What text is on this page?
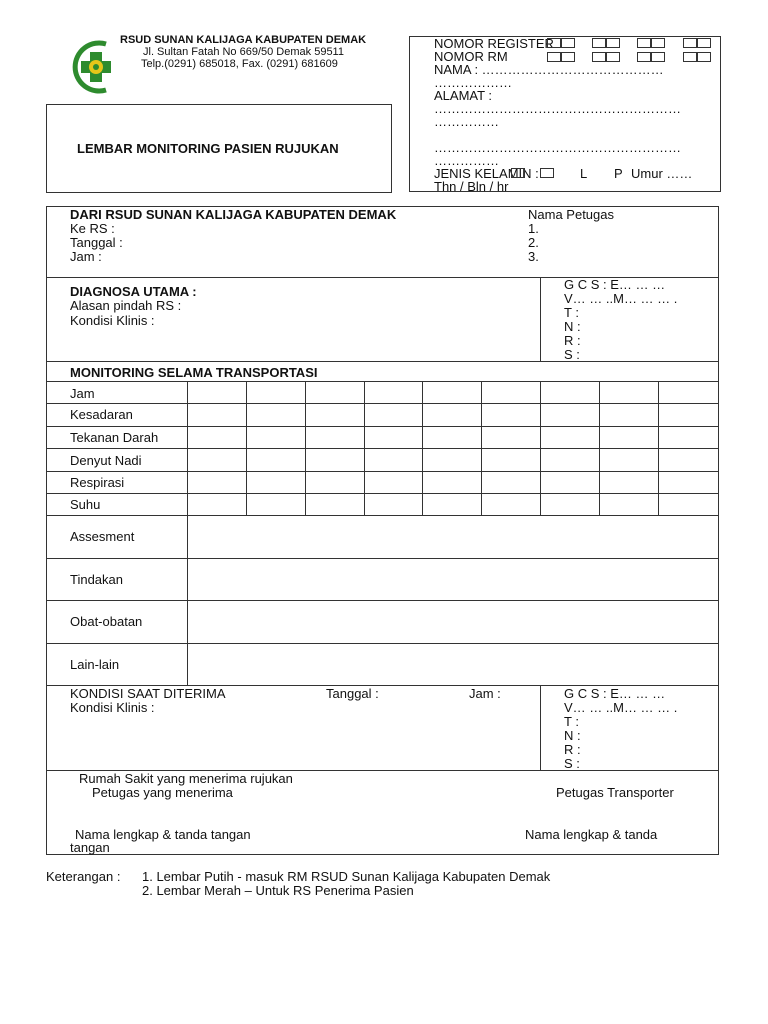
RSUD SUNAN KALIJAGA KABUPATEN DEMAK
Jl. Sultan Fatah No 669/50 Demak 59511
Telp.(0291) 685018, Fax. (0291) 681609
LEMBAR MONITORING PASIEN RUJUKAN
NOMOR REGISTER
NOMOR RM
NAMA : ……………………………………
………………
ALAMAT :
…………………………………………………
……………
…………………………………………………
……………
JENIS KELAMIN :	L P Umur ……
Thn / Bln / hr
DARI RSUD SUNAN KALIJAGA KABUPATEN DEMAK
Ke RS :
Tanggal :
Jam :
Nama Petugas
1.
2.
3.
DIAGNOSA UTAMA :
Alasan pindah RS :
Kondisi Klinis :
G C S : E… … …
V… … ..M… … … .
T :
N :
R :
S :
MONITORING SELAMA TRANSPORTASI
Jam
Kesadaran
Tekanan Darah
Denyut Nadi
Respirasi
Suhu
Assesment
Tindakan
Obat-obatan
Lain-lain
KONDISI SAAT DITERIMA	Tanggal :	Jam :
Kondisi Klinis :
G C S : E… … …
V… … ..M… … … .
T :
N :
R :
S :
Rumah Sakit yang menerima rujukan
Petugas yang menerima	Petugas Transporter
Nama lengkap & tanda tangan	Nama lengkap & tanda
tangan
Keterangan : 1. Lembar Putih - masuk RM RSUD Sunan Kalijaga Kabupaten Demak
2. Lembar Merah – Untuk RS Penerima Pasien
